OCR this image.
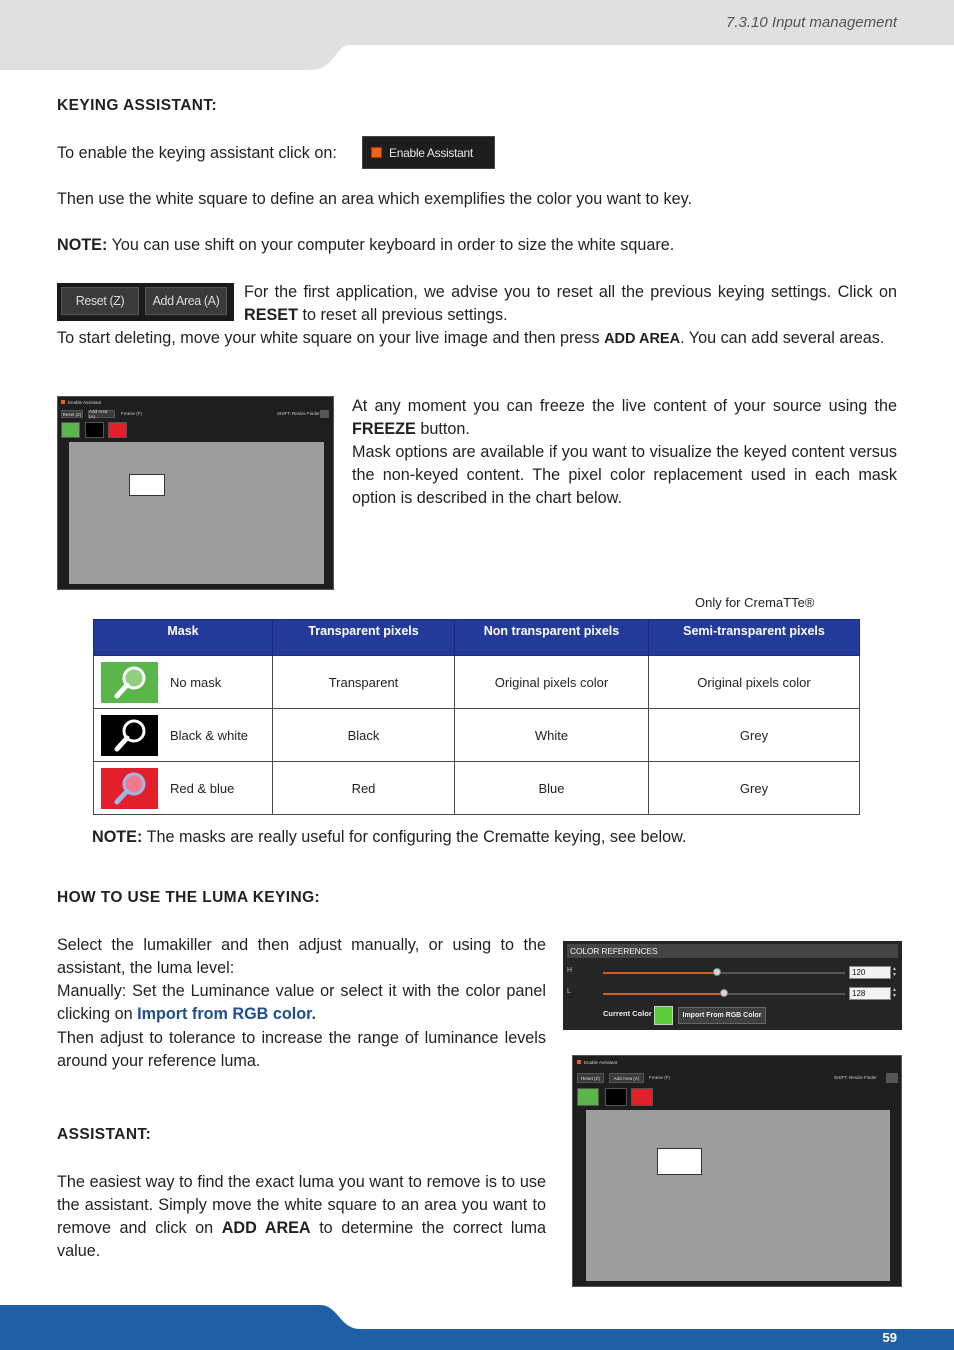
7.3.10 Input management
KEYING ASSISTANT:
To enable the keying assistant click on:	Enable Assistant
Then use the white square to define an area which exemplifies the color you want to key.
NOTE: You can use shift on your computer keyboard in order to size the white square.
Reset (Z)	Add Area (A)	For the first application, we advise you to reset all the previous keying settings. Click on RESET to reset all previous settings.
To start deleting, move your white square on your live image and then press ADD AREA. You can add several areas.
Enable Assistant
Reset (Z)	Add Area (A)
Freeze (F)	SHIFT: Resize Finder At any moment you can freeze the live content of your source using the FREEZE button.
Mask options are available if you want to visualize the keyed content versus the non-keyed content. The pixel color replacement used in each mask option is described in the chart below.
Only for CremaTTe®
Mask	Transparent pixels	Non transparent pixels	Semi-transparent pixels

No mask	Transparent	Original pixels color	Original pixels color

Black & white	Black	White	Grey

Red & blue	Red	Blue	Grey
NOTE: The masks are really useful for configuring the Crematte keying, see below.
HOW TO USE THE LUMA KEYING:
Select the lumakiller and then adjust manually, or using to the assistant, the luma level:
Manually: Set the Luminance value or select it with the color panel clicking on Import from RGB color.
Then adjust to tolerance to increase the range of luminance levels around your reference luma.
COLOR REFERENCES
H	120	▲
▼
L	128	▲
▼
Current Color	Import From RGB Color
Enable Assistant
Reset (Z)	Add Area (A)	Freeze (F)	SHIFT: Resize Finder
ASSISTANT:
The easiest way to find the exact luma you want to remove is to use the assistant. Simply move the white square to an area you want to remove and click on ADD AREA to determine the correct luma value.
59
